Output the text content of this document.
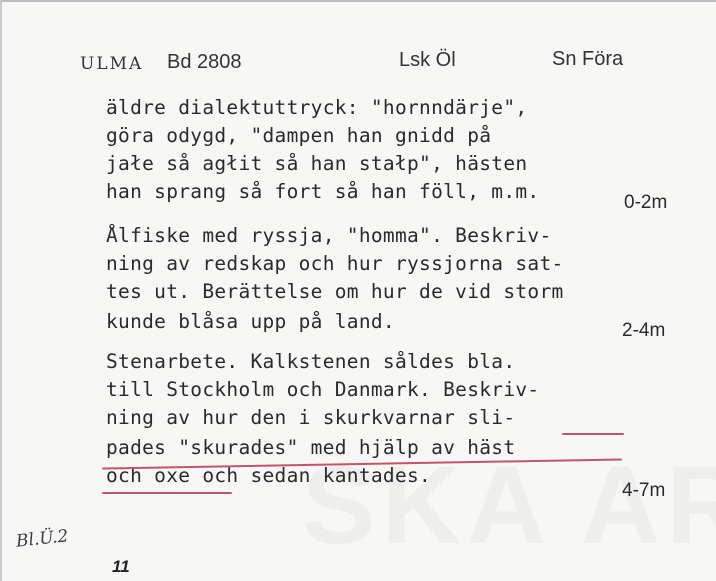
ULMA Bd 2808	Lsk Öl	Sn Föra
äldre dialektuttryck: "hornndärje",
göra odygd, "dampen han gnidd på
jałe så agłit så han stałp", hästen
han sprang så fort så han föll, m.m.	0-2m
Ålfiske med ryssja, "homma". Beskriv-
ning av redskap och hur ryssjorna sat-
tes ut. Berättelse om hur de vid storm
kunde blåsa upp på land.	2-4m
Stenarbete. Kalkstenen såldes bla.
till Stockholm och Danmark. Beskriv-
ning av hur den i skurkvarnar sli-
pades "skurades" med hjälp av häst
och oxe och sedan kantades.
4-7m
Bl.Ü.2
11
